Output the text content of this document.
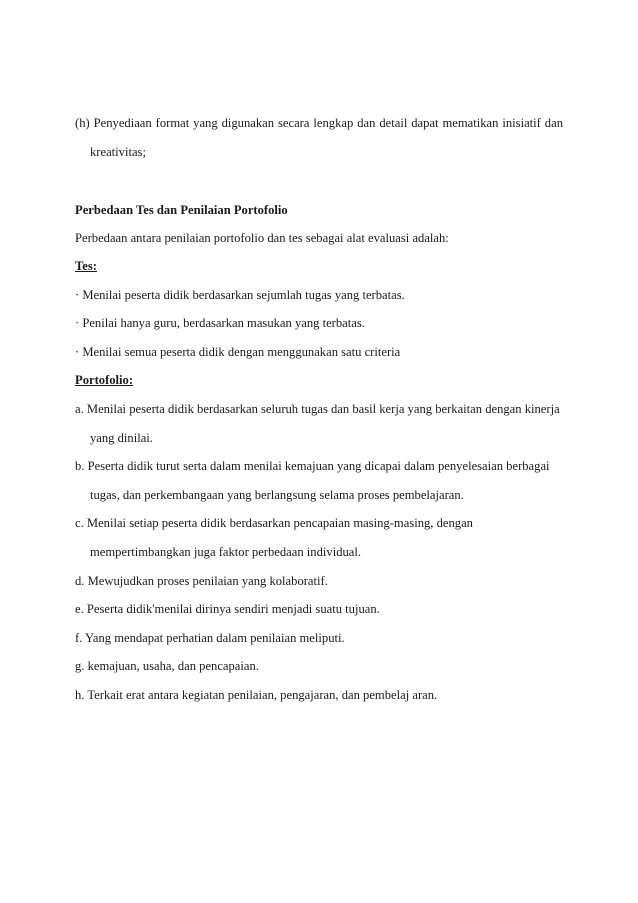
(h) Penyediaan format yang digunakan secara lengkap dan detail dapat mematikan inisiatif dan
kreativitas;
Perbedaan Tes dan Penilaian Portofolio
Perbedaan antara penilaian portofolio dan tes sebagai alat evaluasi adalah:
Tes:
· Menilai peserta didik berdasarkan sejumlah tugas yang terbatas.
· Penilai hanya guru, berdasarkan masukan yang terbatas.
· Menilai semua peserta didik dengan menggunakan satu criteria
Portofolio:
a. Menilai peserta didik berdasarkan seluruh tugas dan basil kerja yang berkaitan dengan kinerja
yang dinilai.
b. Peserta didik turut serta dalam menilai kemajuan yang dicapai dalam penyelesaian berbagai
tugas, dan perkembangaan yang berlangsung selama proses pembelajaran.
c. Menilai setiap peserta didik berdasarkan pencapaian masing-masing, dengan
mempertimbangkan juga faktor perbedaan individual.
d. Mewujudkan proses penilaian yang kolaboratif.
e. Peserta didik'menilai dirinya sendiri menjadi suatu tujuan.
f. Yang mendapat perhatian dalam penilaian meliputi.
g. kemajuan, usaha, dan pencapaian.
h. Terkait erat antara kegiatan penilaian, pengajaran, dan pembelaj aran.
